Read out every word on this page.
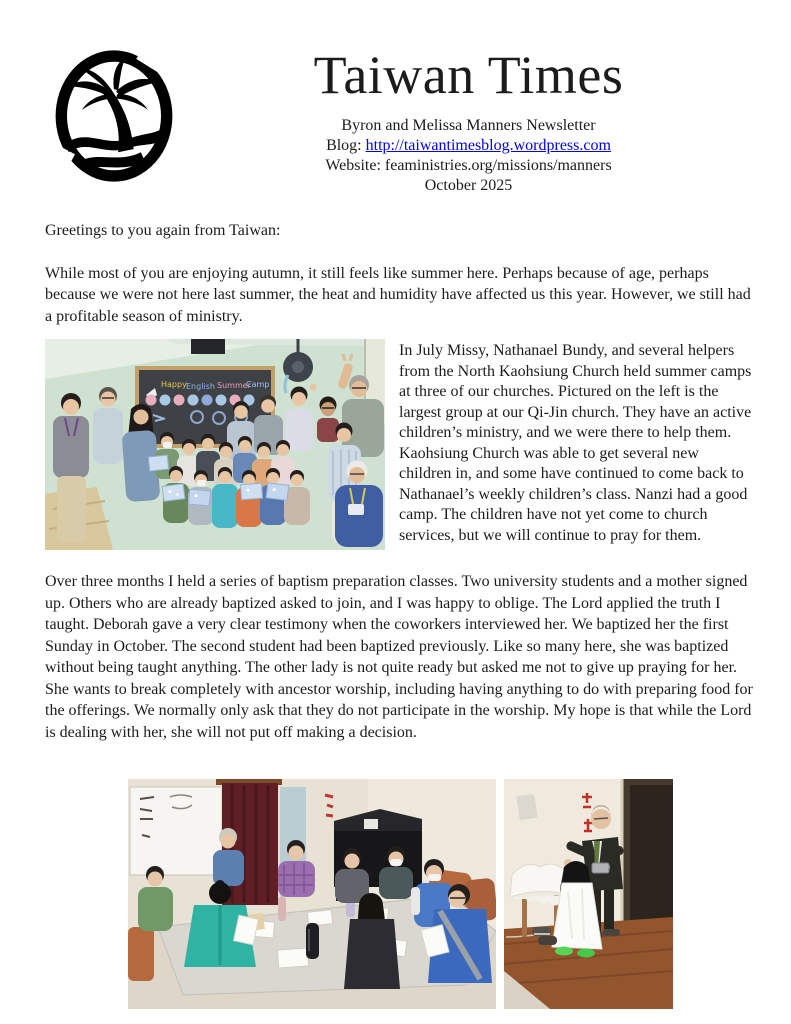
Taiwan Times
Byron and Melissa Manners Newsletter
Blog: http://taiwantimesblog.wordpress.com
Website: feaministries.org/missions/manners
October 2025

Greetings to you again from Taiwan:

While most of you are enjoying autumn, it still feels like summer here. Perhaps because of age, perhaps because we were not here last summer, the heat and humidity have affected us this year. However, we still had a profitable season of ministry.

Happy English Summer
Camp

In July Missy, Nathanael Bundy, and several helpers from the North Kaohsiung Church held summer camps at three of our churches. Pictured on the left is the largest group at our Qi-Jin church. They have an active children’s ministry, and we were there to help them. Kaohsiung Church was able to get several new children in, and some have continued to come back to Nathanael’s weekly children’s class. Nanzi had a good camp. The children have not yet come to church services, but we will continue to pray for them.

Over three months I held a series of baptism preparation classes. Two university students and a mother signed up. Others who are already baptized asked to join, and I was happy to oblige. The Lord applied the truth I taught. Deborah gave a very clear testimony when the coworkers interviewed her. We baptized her the first Sunday in October. The second student had been baptized previously. Like so many here, she was baptized without being taught anything. The other lady is not quite ready but asked me not to give up praying for her. She wants to break completely with ancestor worship, including having anything to do with preparing food for the offerings. We normally only ask that they do not participate in the worship. My hope is that while the Lord is dealing with her, she will not put off making a decision.
